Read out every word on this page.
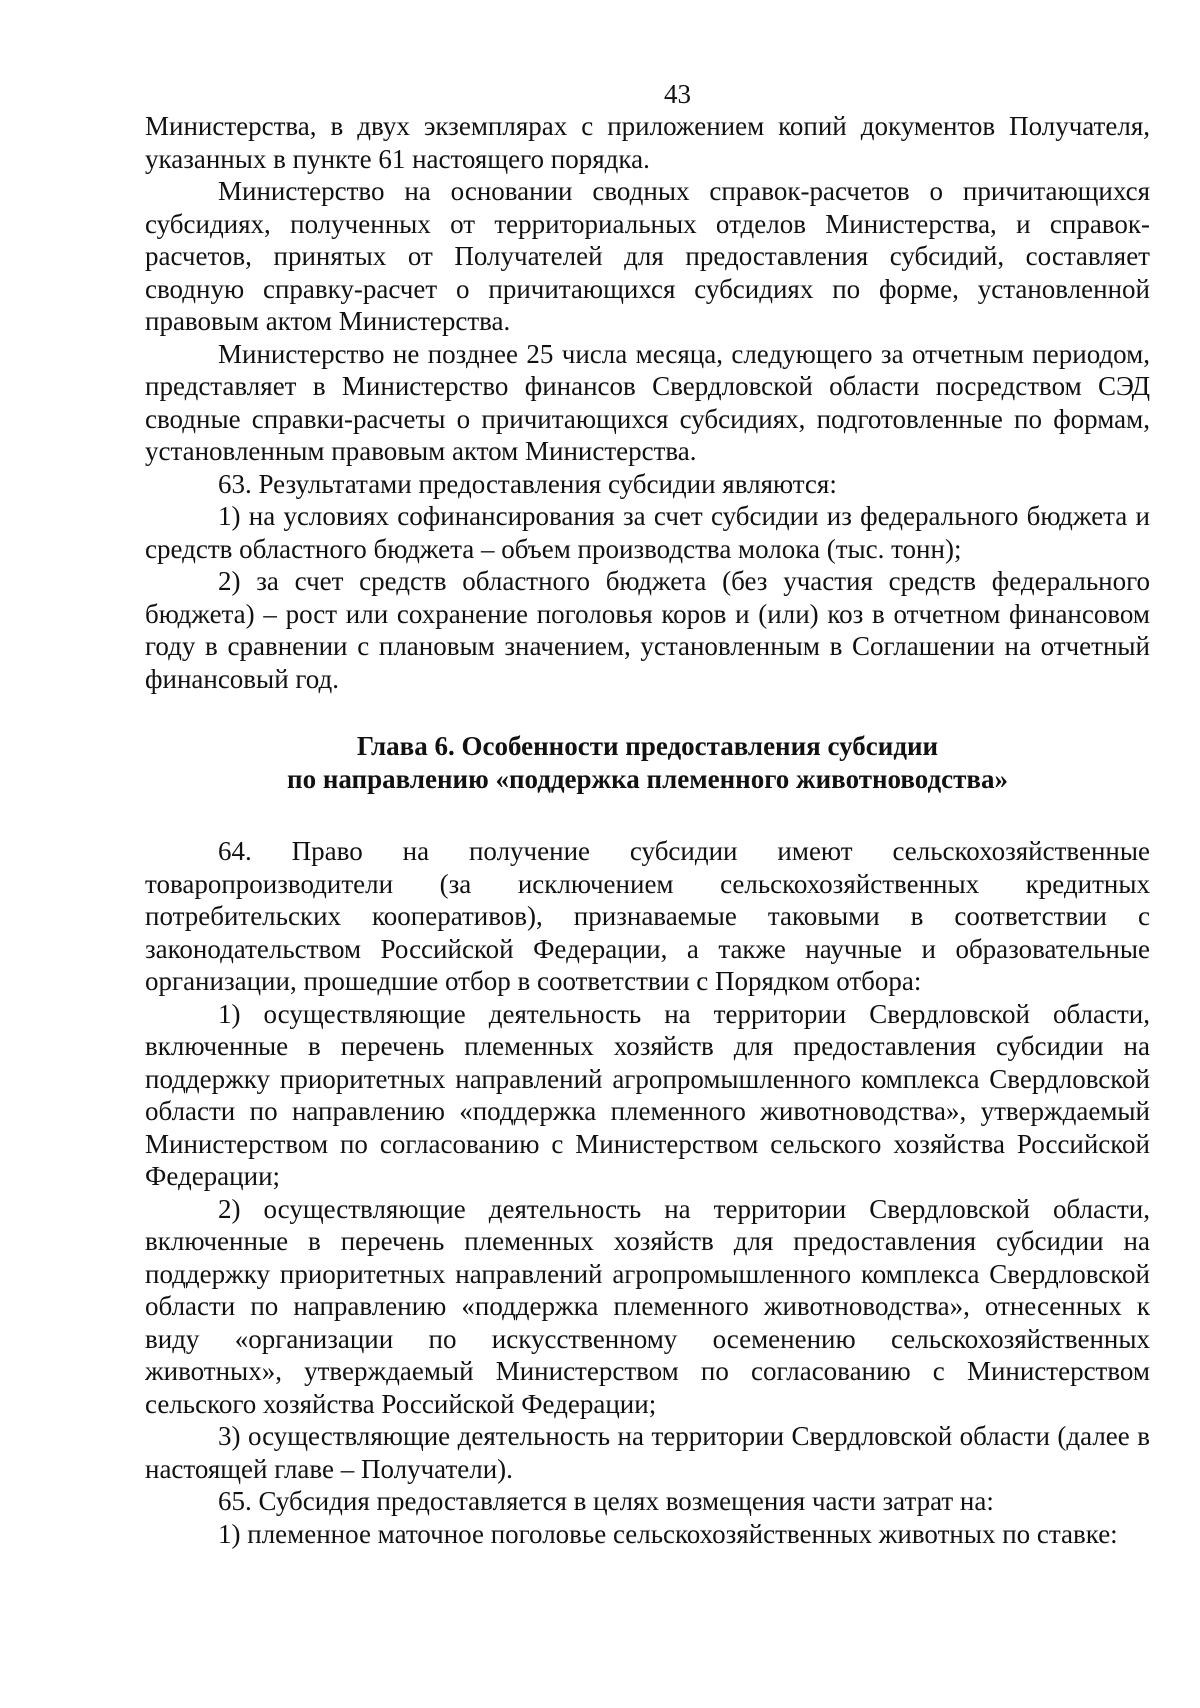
43

Министерства, в двух экземплярах с приложением копий документов Получателя, указанных в пункте 61 настоящего порядка.

Министерство на основании сводных справок-расчетов о причитающихся субсидиях, полученных от территориальных отделов Министерства, и справок-расчетов, принятых от Получателей для предоставления субсидий, составляет сводную справку-расчет о причитающихся субсидиях по форме, установленной правовым актом Министерства.

Министерство не позднее 25 числа месяца, следующего за отчетным периодом, представляет в Министерство финансов Свердловской области посредством СЭД сводные справки-расчеты о причитающихся субсидиях, подготовленные по формам, установленным правовым актом Министерства.

63. Результатами предоставления субсидии являются:

1) на условиях софинансирования за счет субсидии из федерального бюджета и средств областного бюджета – объем производства молока (тыс. тонн);

2) за счет средств областного бюджета (без участия средств федерального бюджета) – рост или сохранение поголовья коров и (или) коз в отчетном финансовом году в сравнении с плановым значением, установленным в Соглашении на отчетный финансовый год.

Глава 6. Особенности предоставления субсидии
по направлению «поддержка племенного животноводства»

64. Право на получение субсидии имеют сельскохозяйственные товаропроизводители (за исключением сельскохозяйственных кредитных потребительских кооперативов), признаваемые таковыми в соответствии с законодательством Российской Федерации, а также научные и образовательные организации, прошедшие отбор в соответствии с Порядком отбора:

1) осуществляющие деятельность на территории Свердловской области, включенные в перечень племенных хозяйств для предоставления субсидии на поддержку приоритетных направлений агропромышленного комплекса Свердловской области по направлению «поддержка племенного животноводства», утверждаемый Министерством по согласованию с Министерством сельского хозяйства Российской Федерации;

2) осуществляющие деятельность на территории Свердловской области, включенные в перечень племенных хозяйств для предоставления субсидии на поддержку приоритетных направлений агропромышленного комплекса Свердловской области по направлению «поддержка племенного животноводства», отнесенных к виду «организации по искусственному осеменению сельскохозяйственных животных», утверждаемый Министерством по согласованию с Министерством сельского хозяйства Российской Федерации;

3) осуществляющие деятельность на территории Свердловской области (далее в настоящей главе – Получатели).

65. Субсидия предоставляется в целях возмещения части затрат на:

1) племенное маточное поголовье сельскохозяйственных животных по ставке:
